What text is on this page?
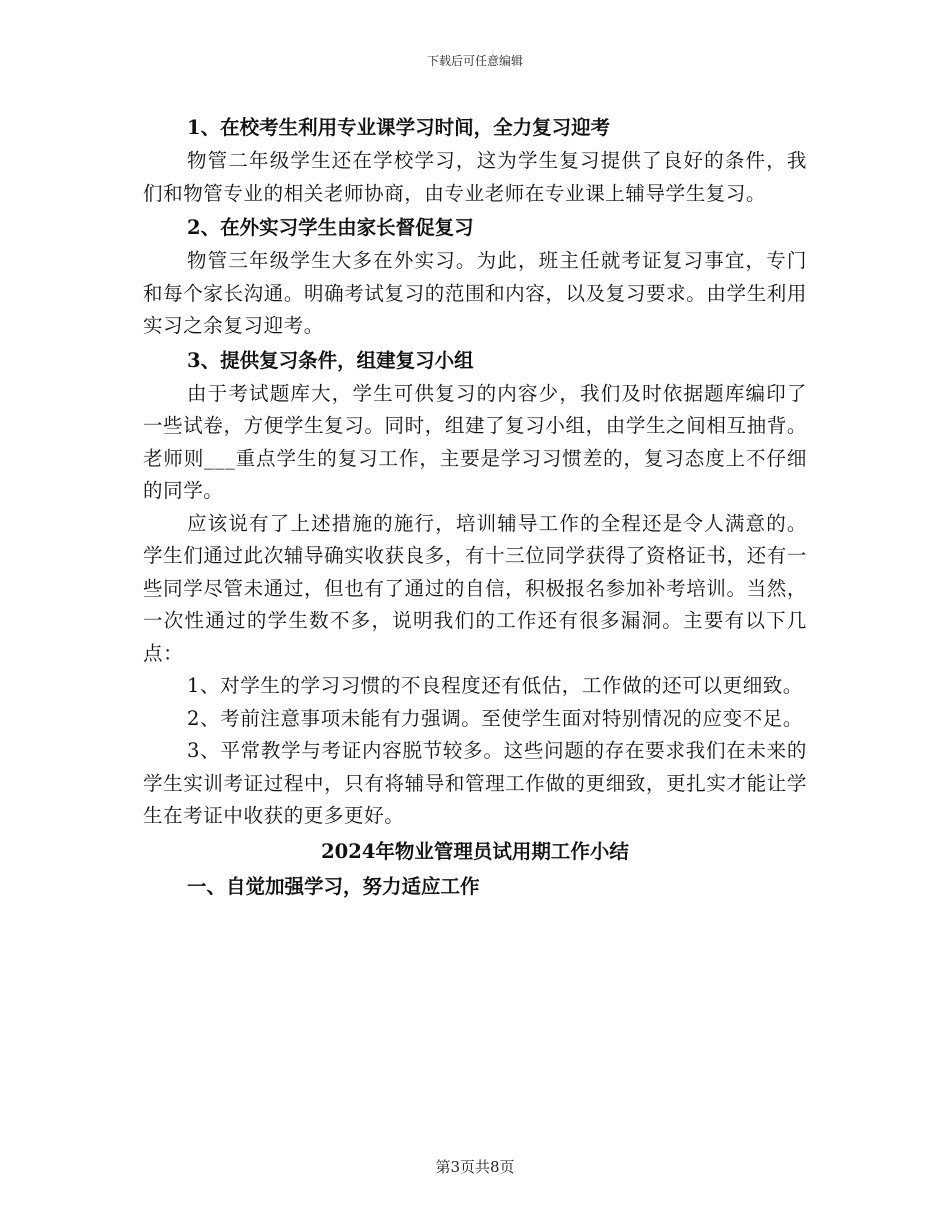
下载后可任意编辑

1、在校考生利用专业课学习时间，全力复习迎考

物管二年级学生还在学校学习，这为学生复习提供了良好的条件，我们和物管专业的相关老师协商，由专业老师在专业课上辅导学生复习。

2、在外实习学生由家长督促复习

物管三年级学生大多在外实习。为此，班主任就考证复习事宜，专门和每个家长沟通。明确考试复习的范围和内容，以及复习要求。由学生利用实习之余复习迎考。

3、提供复习条件，组建复习小组

由于考试题库大，学生可供复习的内容少，我们及时依据题库编印了一些试卷，方便学生复习。同时，组建了复习小组，由学生之间相互抽背。老师则___重点学生的复习工作，主要是学习习惯差的，复习态度上不仔细的同学。

应该说有了上述措施的施行，培训辅导工作的全程还是令人满意的。学生们通过此次辅导确实收获良多，有十三位同学获得了资格证书，还有一些同学尽管未通过，但也有了通过的自信，积极报名参加补考培训。当然，一次性通过的学生数不多，说明我们的工作还有很多漏洞。主要有以下几点：

1、对学生的学习习惯的不良程度还有低估，工作做的还可以更细致。

2、考前注意事项未能有力强调。至使学生面对特别情况的应变不足。

3、平常教学与考证内容脱节较多。这些问题的存在要求我们在未来的学生实训考证过程中，只有将辅导和管理工作做的更细致，更扎实才能让学生在考证中收获的更多更好。

2024年物业管理员试用期工作小结

一、自觉加强学习，努力适应工作

第3页共8页
